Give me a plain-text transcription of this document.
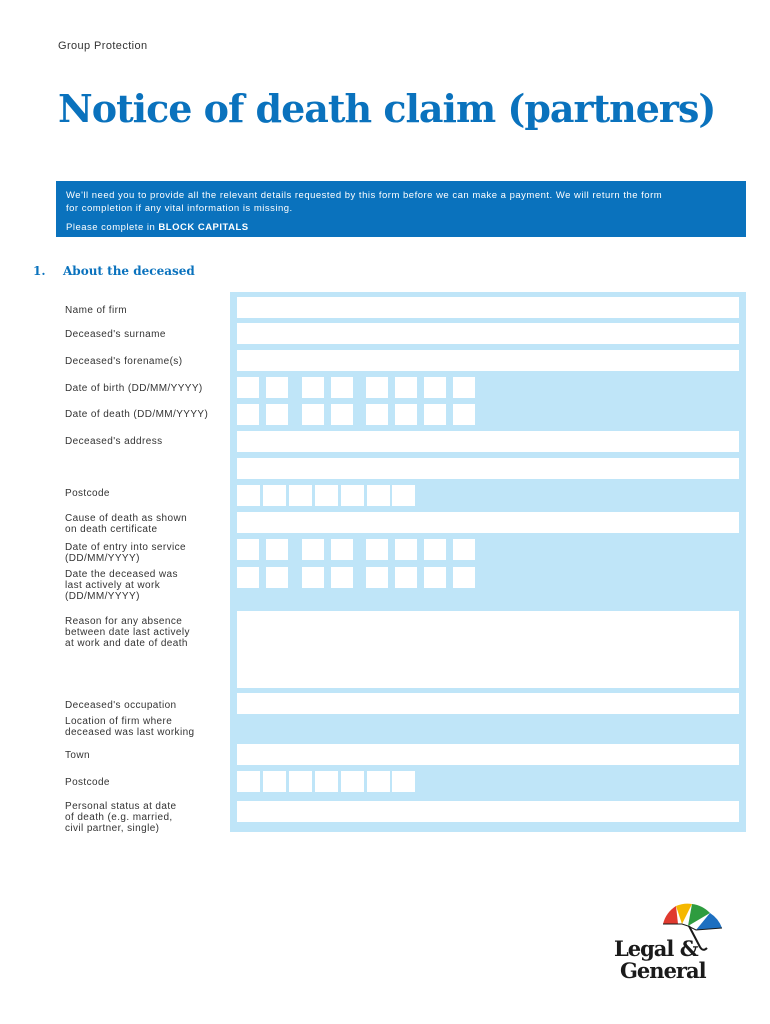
Group Protection
Notice of death claim (partners)

We'll need you to provide all the relevant details requested by this form before we can make a payment. We will return the form

for completion if any vital information is missing.

Please complete in BLOCK CAPITALS

1. About the deceased
Name of firm
Deceased's surname
Deceased's forename(s)
Date of birth (DD/MM/YYYY)
Date of death (DD/MM/YYYY)
Deceased's address
Postcode
Cause of death as shown
on death certificate
Date of entry into service
(DD/MM/YYYY)
Date the deceased was
last actively at work
(DD/MM/YYYY)
Reason for any absence
between date last actively
at work and date of death
Deceased's occupation
Location of firm where
deceased was last working
Town
Postcode
Personal status at date
of death (e.g. married,
civil partner, single)
Legal &
General
